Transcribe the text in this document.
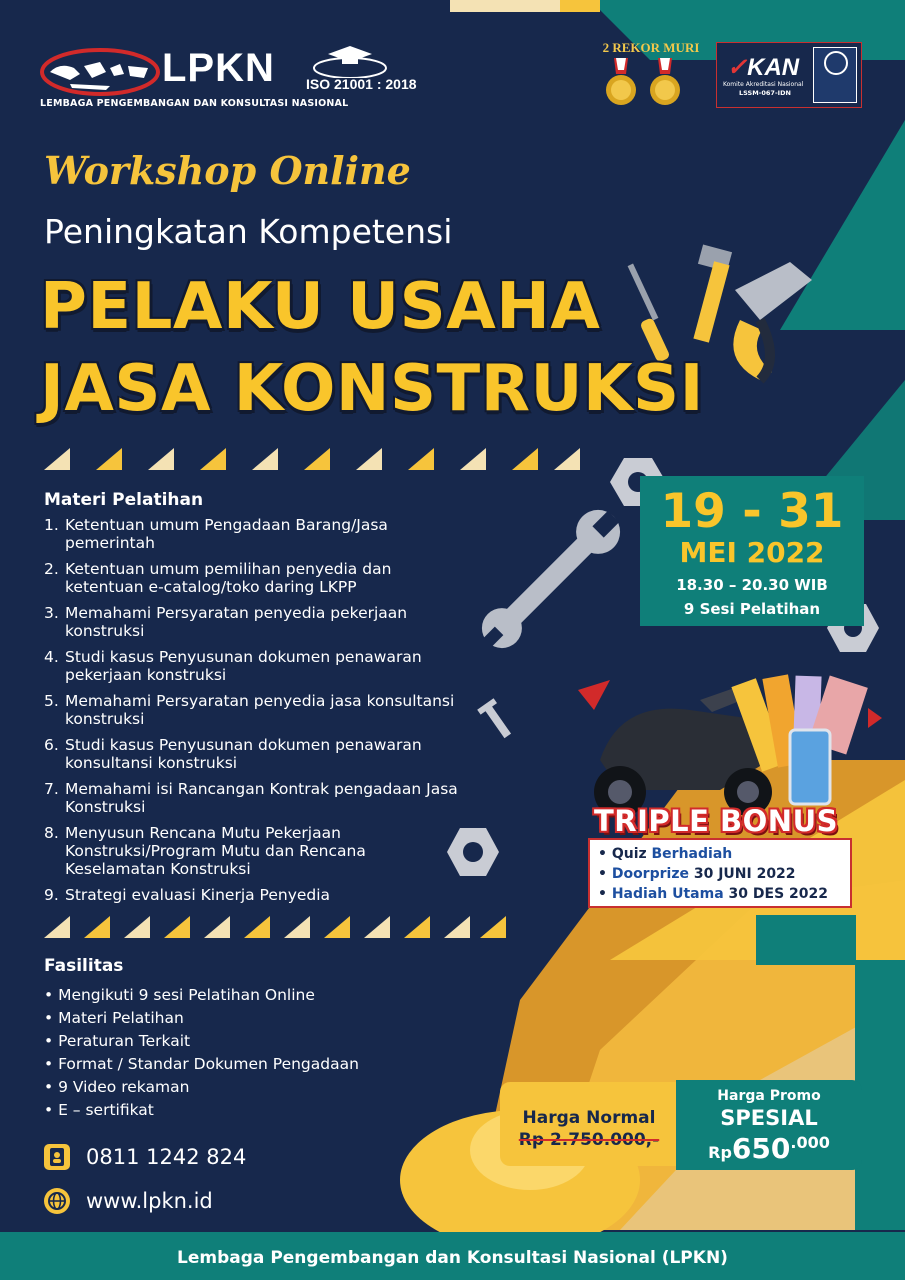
LPKN
LEMBAGA PENGEMBANGAN DAN KONSULTASI NASIONAL
ISO 21001 : 2018
2 REKOR MURI
✓KAN
Komite Akreditasi Nasional
LSSM-067-IDN
Workshop Online
Peningkatan Kompetensi
PELAKU USAHA
JASA KONSTRUKSI
Materi Pelatihan
1. Ketentuan umum Pengadaan Barang/Jasa pemerintah
2. Ketentuan umum pemilihan penyedia dan ketentuan e-catalog/toko daring LKPP
3. Memahami Persyaratan penyedia pekerjaan konstruksi
4. Studi kasus Penyusunan dokumen penawaran pekerjaan konstruksi
5. Memahami Persyaratan penyedia jasa konsultansi konstruksi
6. Studi kasus Penyusunan dokumen penawaran konsultansi konstruksi
7. Memahami isi Rancangan Kontrak pengadaan Jasa Konstruksi
8. Menyusun Rencana Mutu Pekerjaan Konstruksi/Program Mutu dan Rencana Keselamatan Konstruksi
9. Strategi evaluasi Kinerja Penyedia
Fasilitas
• Mengikuti 9 sesi Pelatihan Online
• Materi Pelatihan
• Peraturan Terkait
• Format / Standar Dokumen Pengadaan
• 9 Video rekaman
• E – sertifikat
0811 1242 824
www.lpkn.id
19 - 31
MEI 2022
18.30 – 20.30 WIB
9 Sesi Pelatihan
TRIPLE BONUS
• Quiz Berhadiah
• Doorprize 30 JUNI 2022
• Hadiah Utama 30 DES 2022
Harga Normal
Rp 2.750.000,-
Harga Promo
SPESIAL
Rp650.000
Lembaga Pengembangan dan Konsultasi Nasional (LPKN)
